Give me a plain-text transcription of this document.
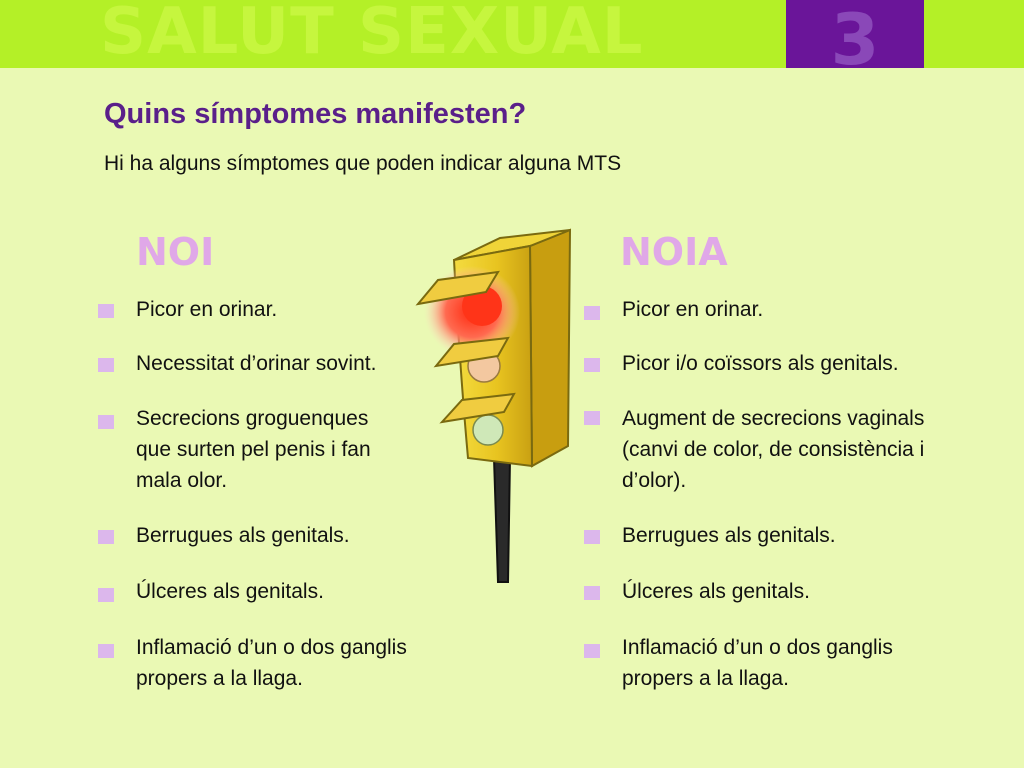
SALUT SEXUAL	3
Quins símptomes manifesten?
Hi ha alguns símptomes que poden indicar alguna MTS
NOI	NOIA
Picor en orinar.
Necessitat d’orinar sovint.
Secrecions groguenques que surten pel penis i fan mala olor.
Berrugues als genitals.
Úlceres als genitals.
Inflamació d’un o dos ganglis propers a la llaga.
Picor en orinar.
Picor i/o coïssors als genitals.
Augment de secrecions vaginals (canvi de color, de consistència i d’olor).
Berrugues als genitals.
Úlceres als genitals.
Inflamació d’un o dos ganglis propers a la llaga.
